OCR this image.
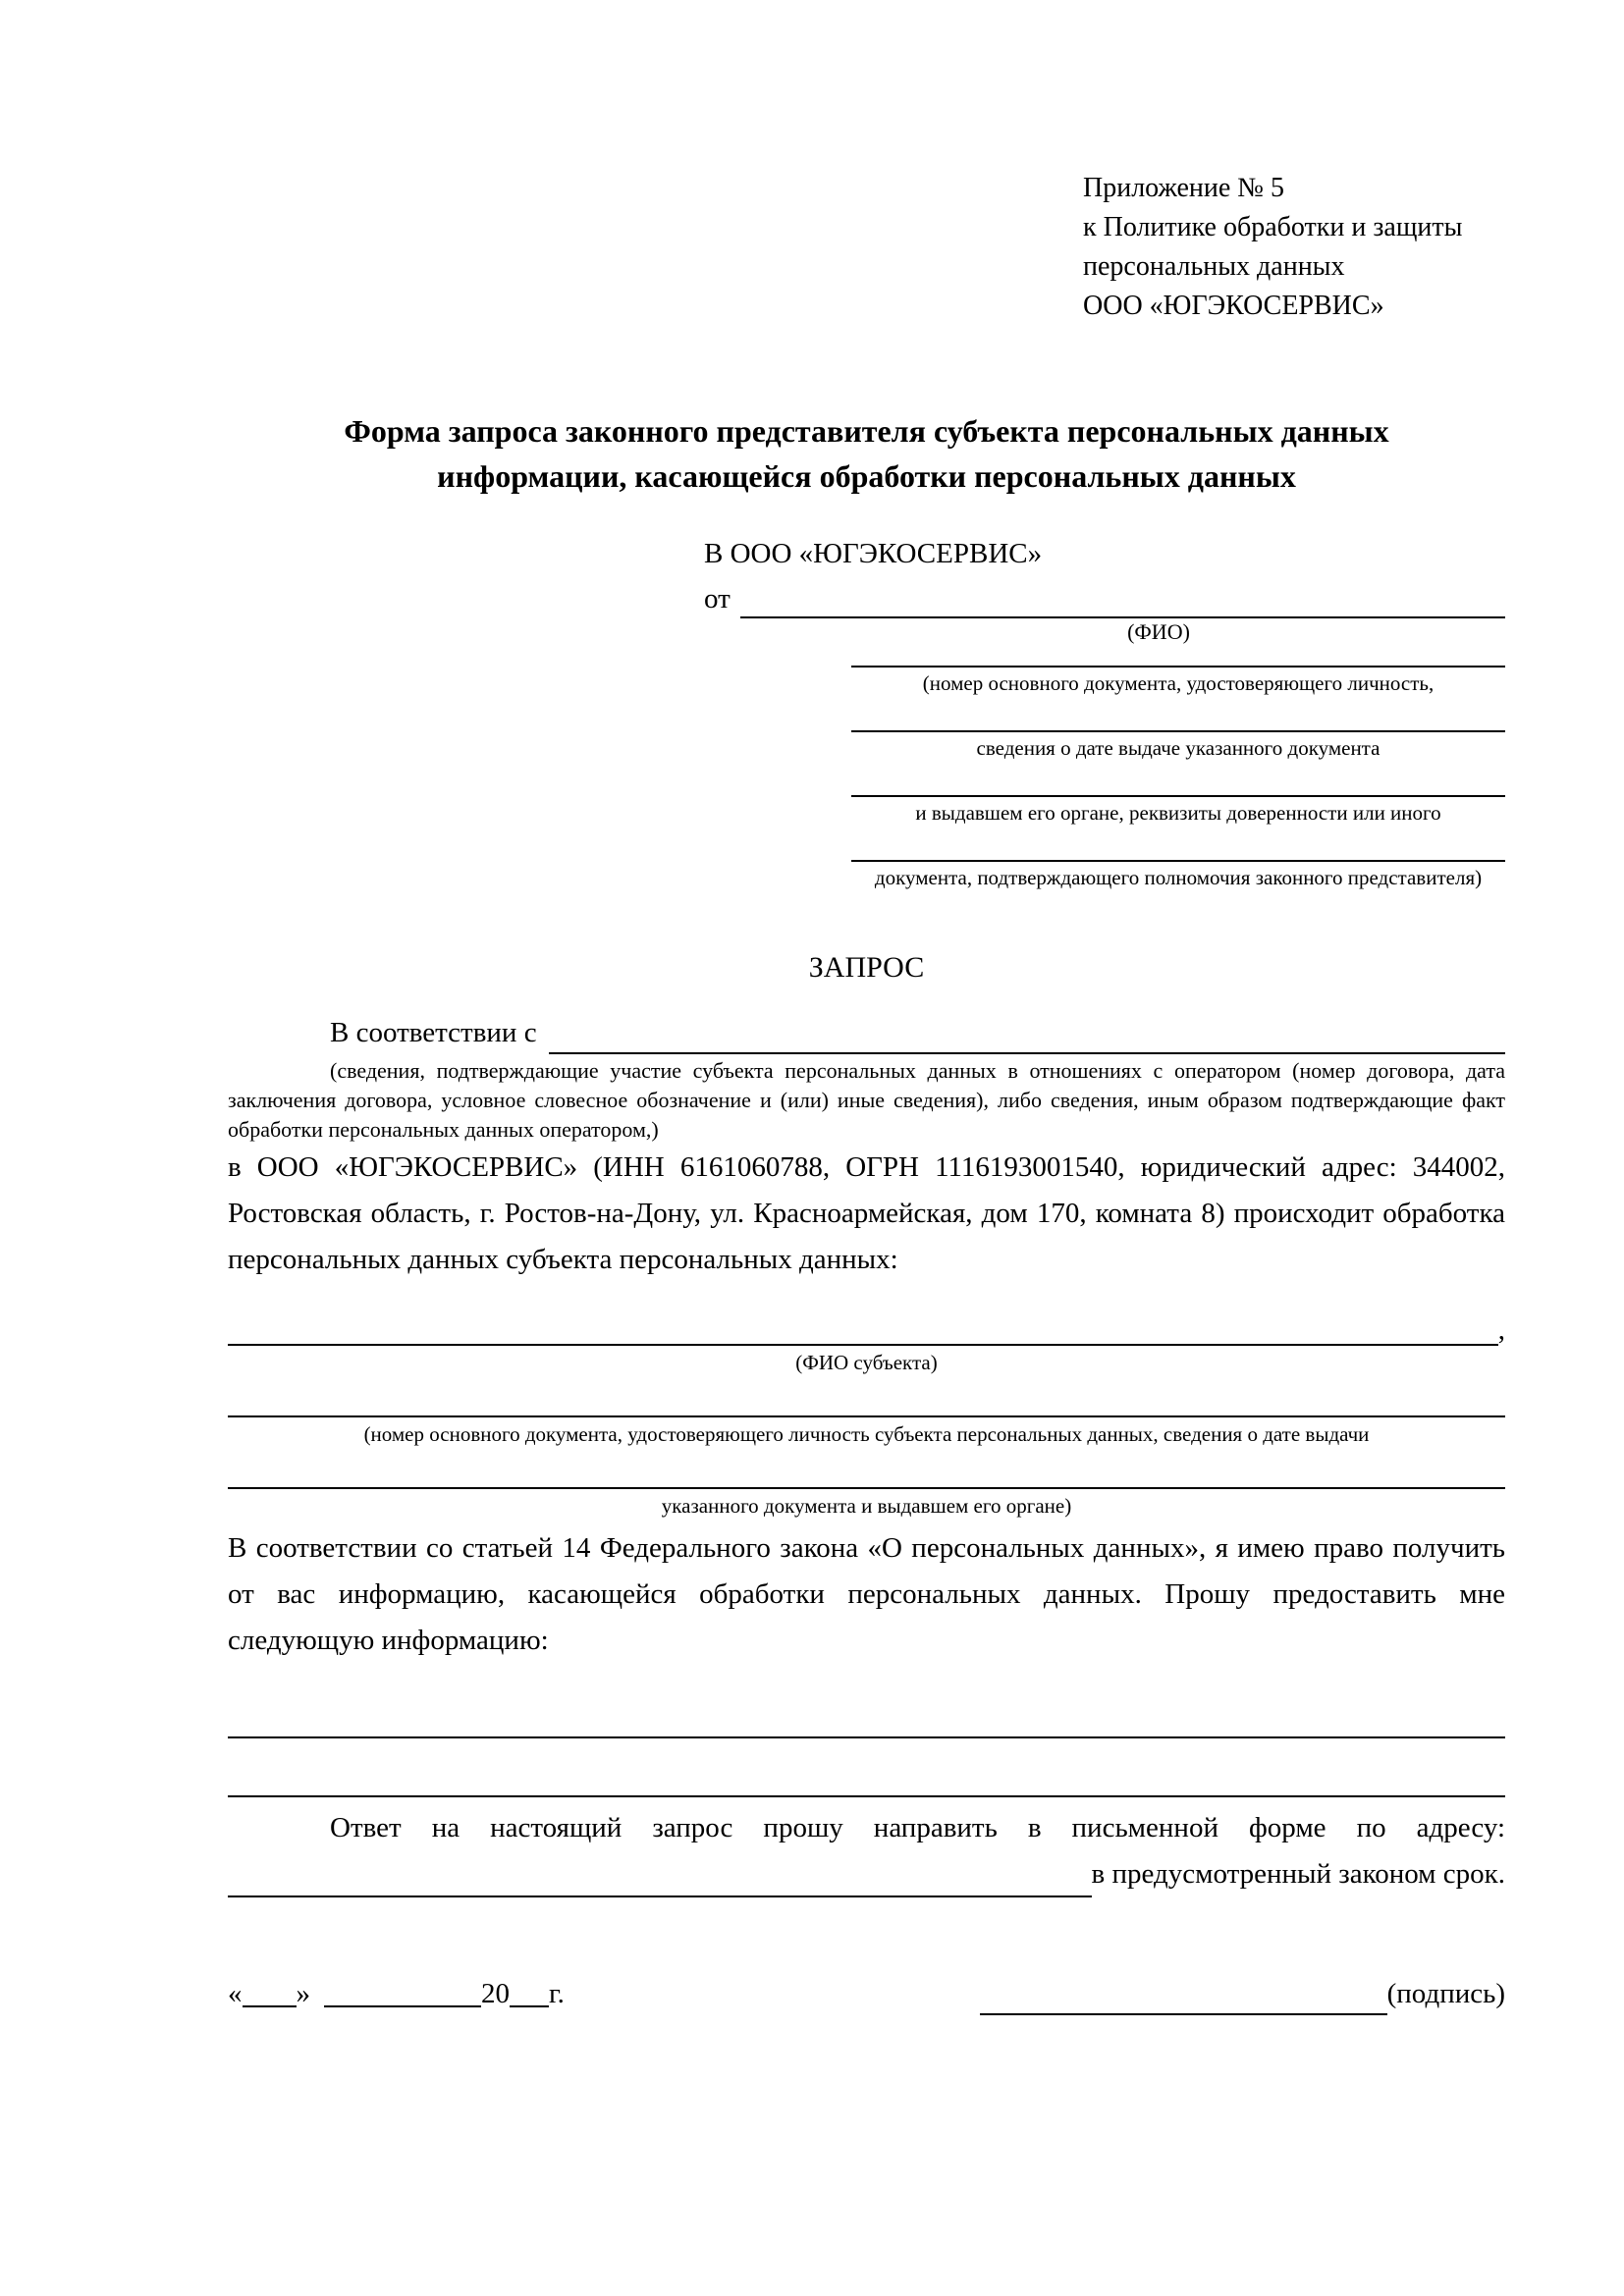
Приложение № 5
к Политике обработки и защиты
персональных данных
ООО «ЮГЭКОСЕРВИС»
Форма запроса законного представителя субъекта персональных данных
информации, касающейся обработки персональных данных
В ООО «ЮГЭКОСЕРВИС»
от
(ФИО)
(номер основного документа, удостоверяющего личность,
сведения о дате выдаче указанного документа
и выдавшем его органе, реквизиты доверенности или иного
документа, подтверждающего полномочия законного представителя)
ЗАПРОС
В соответствии с
(сведения, подтверждающие участие субъекта персональных данных в отношениях с оператором (номер договора, дата заключения договора, условное словесное обозначение и (или) иные сведения), либо сведения, иным образом подтверждающие факт обработки персональных данных оператором,)
в ООО «ЮГЭКОСЕРВИС» (ИНН 6161060788, ОГРН 1116193001540, юридический адрес: 344002, Ростовская область, г. Ростов-на-Дону, ул. Красноармейская, дом 170, комната 8) происходит обработка персональных данных субъекта персональных данных:
,
(ФИО субъекта)
(номер основного документа, удостоверяющего личность субъекта персональных данных, сведения о дате выдачи
указанного документа и выдавшем его органе)
В соответствии со статьей 14 Федерального закона «О персональных данных», я имею право получить от вас информацию, касающейся обработки персональных данных. Прошу предоставить мне следующую информацию:
Ответ на настоящий запрос прошу направить в письменной форме по адресу:
в предусмотренный законом срок.
« »	20 г.	(подпись)
